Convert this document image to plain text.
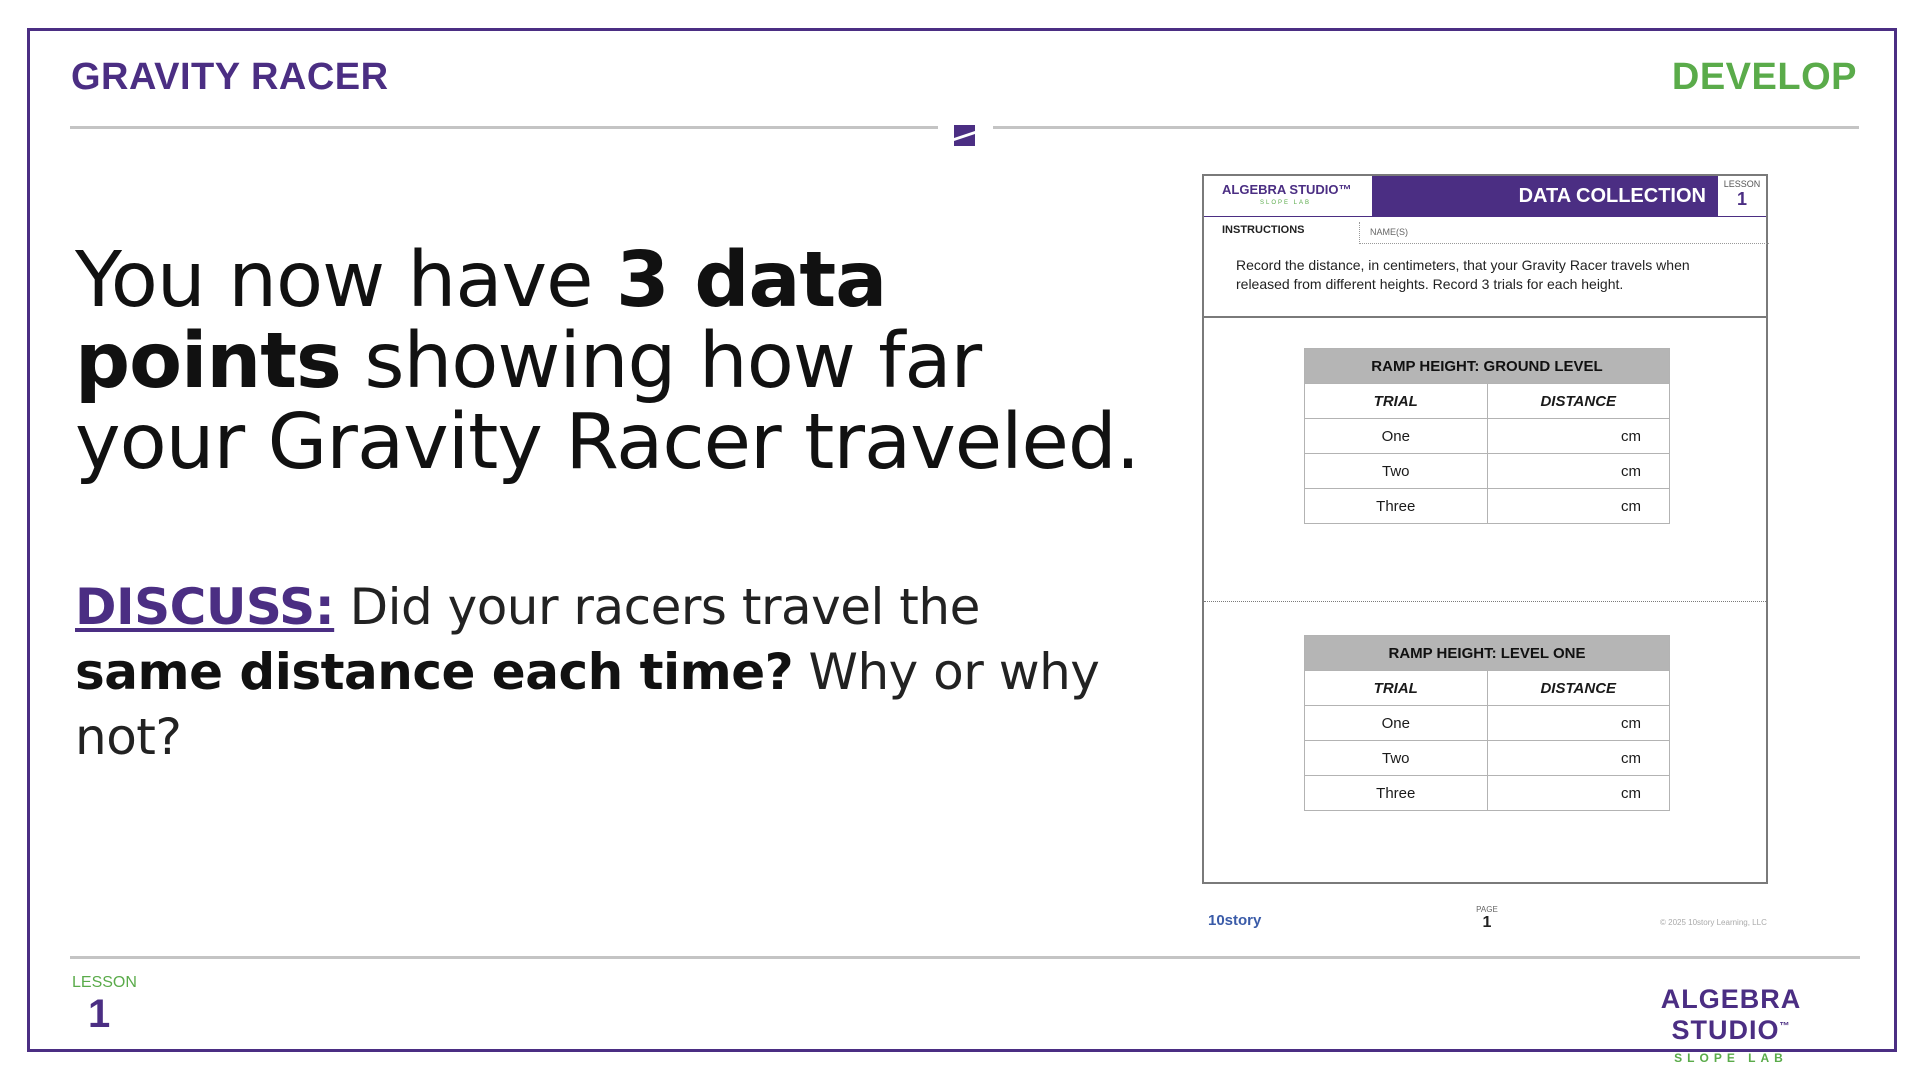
GRAVITY RACER	DEVELOP
You now have 3 data points showing how far your Gravity Racer traveled.

DISCUSS: Did your racers travel the same distance each time? Why or why not?

ALGEBRA STUDIO™
SLOPE LAB	DATA COLLECTION
LESSON
1
INSTRUCTIONS	NAME(S)
Record the distance, in centimeters, that your Gravity Racer travels when released from different heights. Record 3 trials for each height.
RAMP HEIGHT: GROUND LEVEL	
TRIAL	DISTANCE
One	cm
Two	cm
Three	cm
RAMP HEIGHT: LEVEL ONE	
TRIAL	DISTANCE
One	cm
Two	cm
Three	cm
10story
PAGE
1	© 2025 10story Learning, LLC
LESSON
1	ALGEBRA STUDIO™
SLOPE LAB
